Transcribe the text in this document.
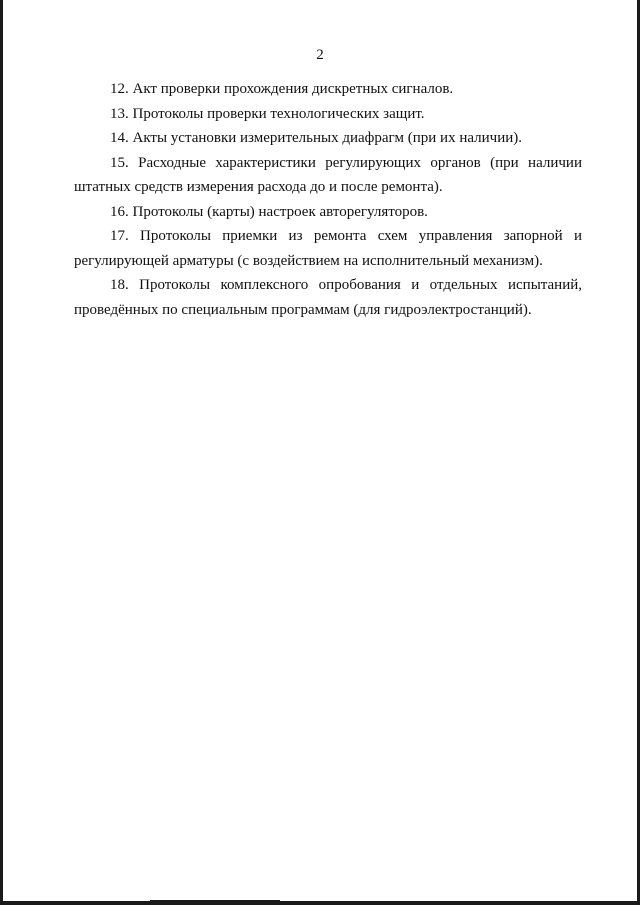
2

12. Акт проверки прохождения дискретных сигналов.

13. Протоколы проверки технологических защит.

14. Акты установки измерительных диафрагм (при их наличии).

15. Расходные характеристики регулирующих органов (при наличии штатных средств измерения расхода до и после ремонта).

16. Протоколы (карты) настроек авторегуляторов.

17. Протоколы приемки из ремонта схем управления запорной и регулирующей арматуры (с воздействием на исполнительный механизм).

18. Протоколы комплексного опробования и отдельных испытаний, проведённых по специальным программам (для гидроэлектростанций).
